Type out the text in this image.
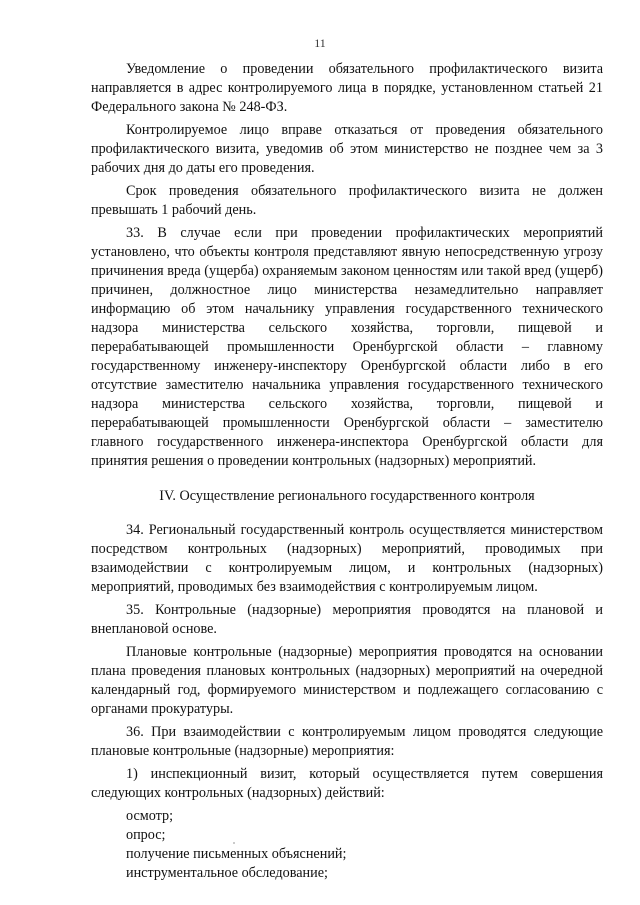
11

Уведомление о проведении обязательного профилактического визита направляется в адрес контролируемого лица в порядке, установленном статьей 21 Федерального закона № 248-ФЗ.

Контролируемое лицо вправе отказаться от проведения обязательного профилактического визита, уведомив об этом министерство не позднее чем за 3 рабочих дня до даты его проведения.

Срок проведения обязательного профилактического визита не должен превышать 1 рабочий день.

33. В случае если при проведении профилактических мероприятий установлено, что объекты контроля представляют явную непосредственную угрозу причинения вреда (ущерба) охраняемым законом ценностям или такой вред (ущерб) причинен, должностное лицо министерства незамедлительно направляет информацию об этом начальнику управления государственного технического надзора министерства сельского хозяйства, торговли, пищевой и перерабатывающей промышленности Оренбургской области – главному государственному инженеру-инспектору Оренбургской области либо в его отсутствие заместителю начальника управления государственного технического надзора министерства сельского хозяйства, торговли, пищевой и перерабатывающей промышленности Оренбургской области – заместителю главного государственного инженера-инспектора Оренбургской области для принятия решения о проведении контрольных (надзорных) мероприятий.

IV. Осуществление регионального государственного контроля

34. Региональный государственный контроль осуществляется министерством посредством контрольных (надзорных) мероприятий, проводимых при взаимодействии с контролируемым лицом, и контрольных (надзорных) мероприятий, проводимых без взаимодействия с контролируемым лицом.

35. Контрольные (надзорные) мероприятия проводятся на плановой и внеплановой основе.

Плановые контрольные (надзорные) мероприятия проводятся на основании плана проведения плановых контрольных (надзорных) мероприятий на очередной календарный год, формируемого министерством и подлежащего согласованию с органами прокуратуры.

36. При взаимодействии с контролируемым лицом проводятся следующие плановые контрольные (надзорные) мероприятия:

1) инспекционный визит, который осуществляется путем совершения следующих контрольных (надзорных) действий:

осмотр;

опрос;

получение письменных объяснений;

инструментальное обследование;
